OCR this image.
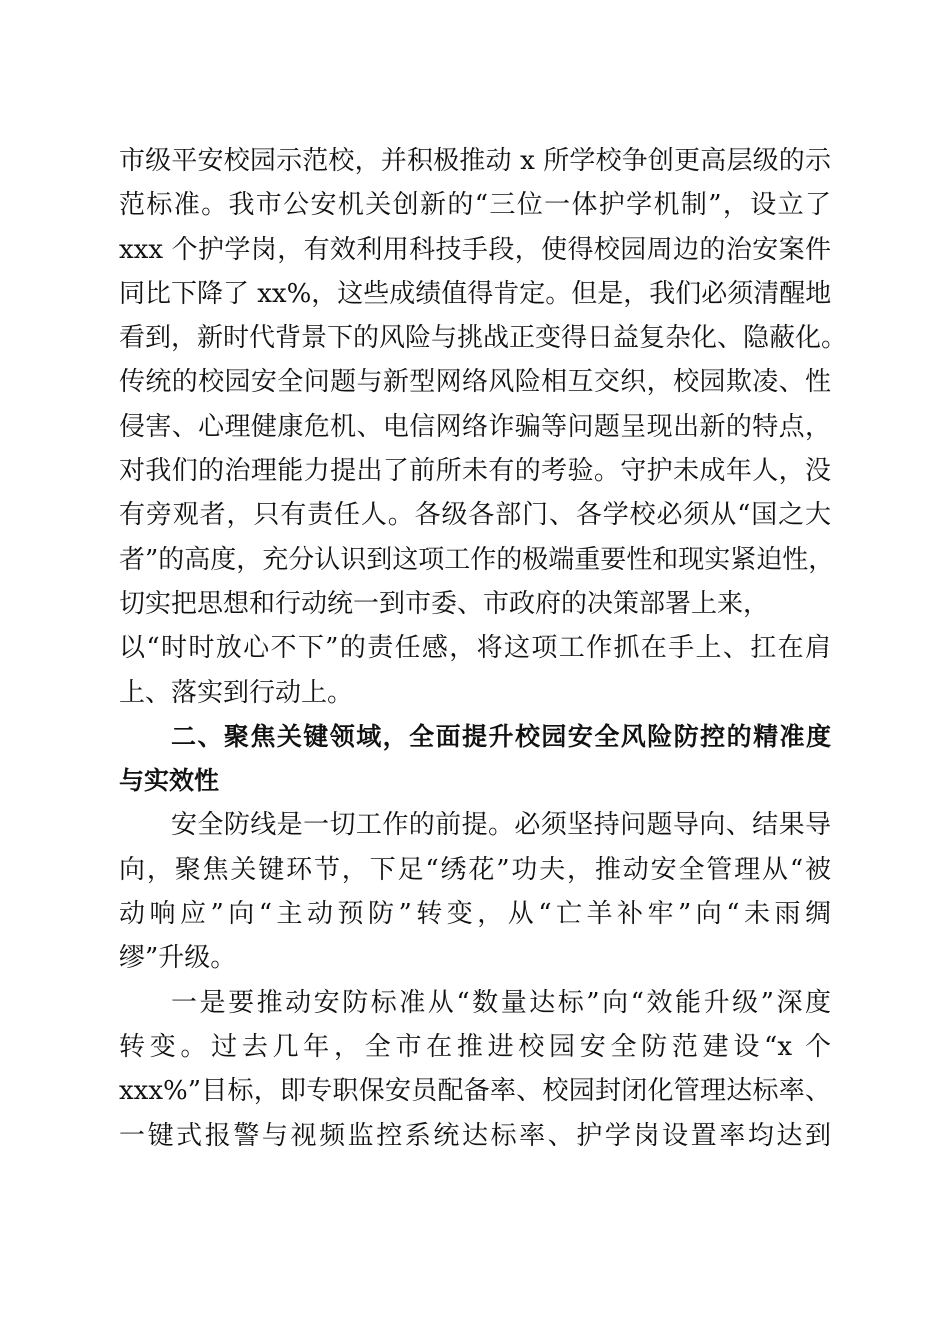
市级平安校园示范校，并积极推动 x 所学校争创更高层级的示
范标准。我市公安机关创新的“三位一体护学机制”，设立了
xxx 个护学岗，有效利用科技手段，使得校园周边的治安案件
同比下降了 xx%，这些成绩值得肯定。但是，我们必须清醒地
看到，新时代背景下的风险与挑战正变得日益复杂化、隐蔽化。
传统的校园安全问题与新型网络风险相互交织，校园欺凌、性
侵害、心理健康危机、电信网络诈骗等问题呈现出新的特点，
对我们的治理能力提出了前所未有的考验。守护未成年人，没
有旁观者，只有责任人。各级各部门、各学校必须从“国之大
者”的高度，充分认识到这项工作的极端重要性和现实紧迫性，
切实把思想和行动统一到市委、市政府的决策部署上来，
以“时时放心不下”的责任感，将这项工作抓在手上、扛在肩
上、落实到行动上。
二、聚焦关键领域，全面提升校园安全风险防控的精准度
与实效性
安全防线是一切工作的前提。必须坚持问题导向、结果导
向，聚焦关键环节，下足“绣花”功夫，推动安全管理从“被
动响应”向“主动预防”转变，从“亡羊补牢”向“未雨绸
缪”升级。
一是要推动安防标准从“数量达标”向“效能升级”深度
转变。过去几年，全市在推进校园安全防范建设“x 个
xxx%”目标，即专职保安员配备率、校园封闭化管理达标率、
一键式报警与视频监控系统达标率、护学岗设置率均达到
